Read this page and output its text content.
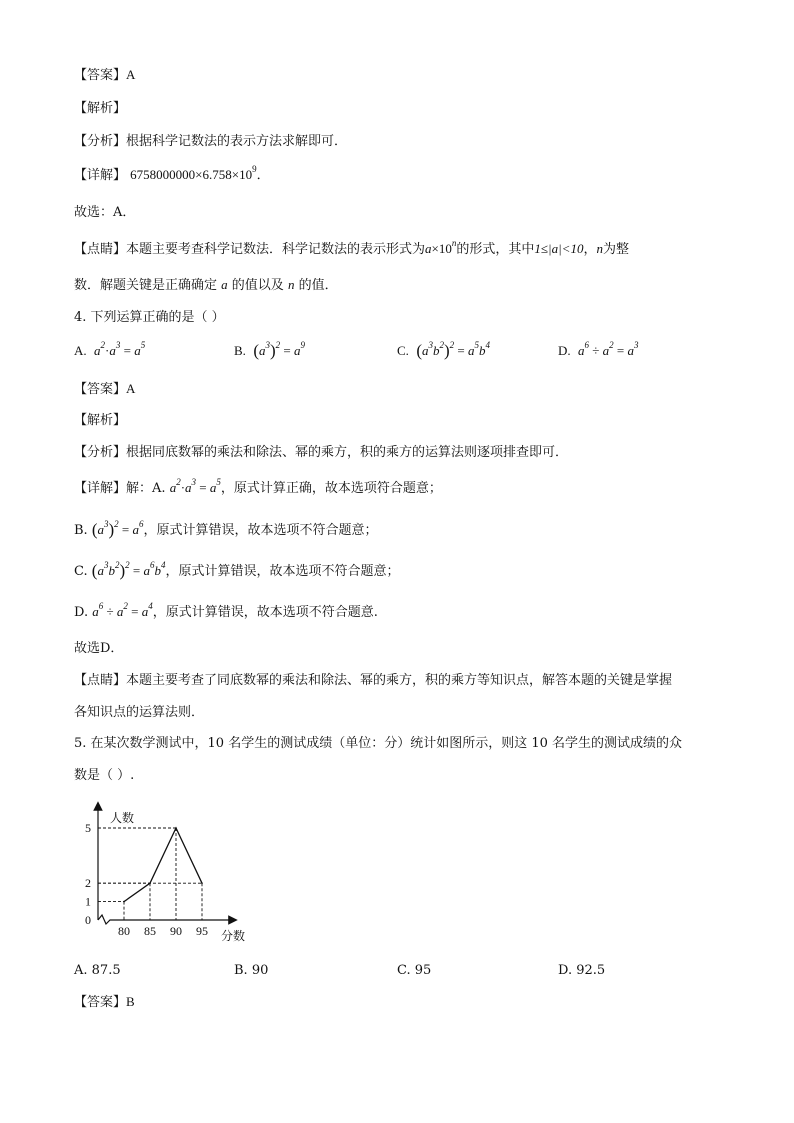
【答案】A
【解析】
【分析】根据科学记数法的表示方法求解即可．
【详解】 $6758000000\times 6.758\times 10^9$．
故选：A．
【点睛】本题主要考查科学记数法．科学记数法的表示形式为$a\times 10^n$的形式，其中1≤|a|<10，n为整
数．解题关键是正确确定 a 的值以及 n 的值．
4. 下列运算正确的是（ ）
A.  $a^2\cdot a^3 = a^5$	B. $(a^3)^2 = a^9$	C. $(a^3b^2)^2 = a^5b^4$	D.  $a^6 \div a^2 = a^3$
【答案】A
【解析】
【分析】根据同底数幂的乘法和除法、幂的乘方，积的乘方的运算法则逐项排查即可．
【详解】解：A. $a^2\cdot a^3 = a^5$，原式计算正确，故本选项符合题意；
B. $(a^3)^2 = a^6$，原式计算错误，故本选项不符合题意；
C. $(a^3b^2)^2 = a^6b^4$，原式计算错误，故本选项不符合题意；
D. $a^6 \div a^2 = a^4$，原式计算错误，故本选项不符合题意.
故选D．
【点睛】本题主要考查了同底数幂的乘法和除法、幂的乘方，积的乘方等知识点，解答本题的关键是掌握
各知识点的运算法则．
5. 在某次数学测试中，10 名学生的测试成绩（单位：分）统计如图所示，则这 10 名学生的测试成绩的众
数是（ ）.
80 85 90 95
0
1
2
5
人数
分数
A. 87.5	B. 90	C. 95	D. 92.5
【答案】B
